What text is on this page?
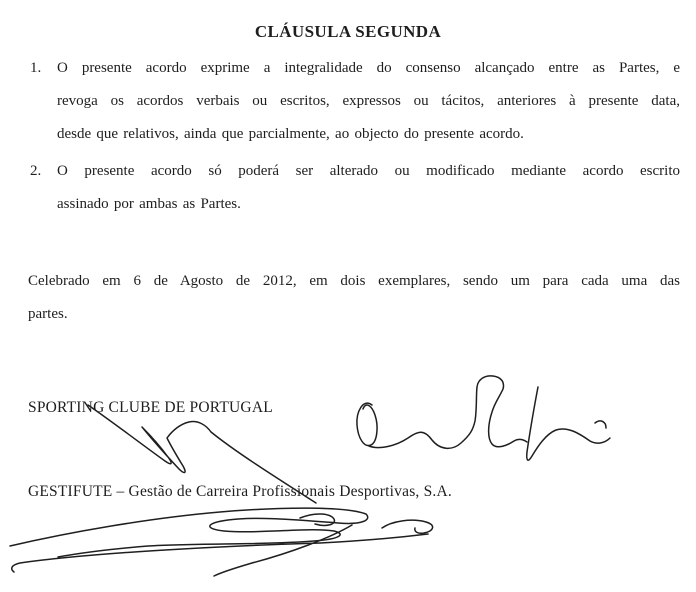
CLÁUSULA SEGUNDA
1. O presente acordo exprime a integralidade do consenso alcançado entre as Partes, e
revoga os acordos verbais ou escritos, expressos ou tácitos, anteriores à presente data,
desde que relativos, ainda que parcialmente, ao objecto do presente acordo.
2. O presente acordo só poderá ser alterado ou modificado mediante acordo escrito
assinado por ambas as Partes.
Celebrado em 6 de Agosto de 2012, em dois exemplares, sendo um para cada uma das
partes.
SPORTING CLUBE DE PORTUGAL
GESTIFUTE – Gestão de Carreira Profissionais Desportivas, S.A.
